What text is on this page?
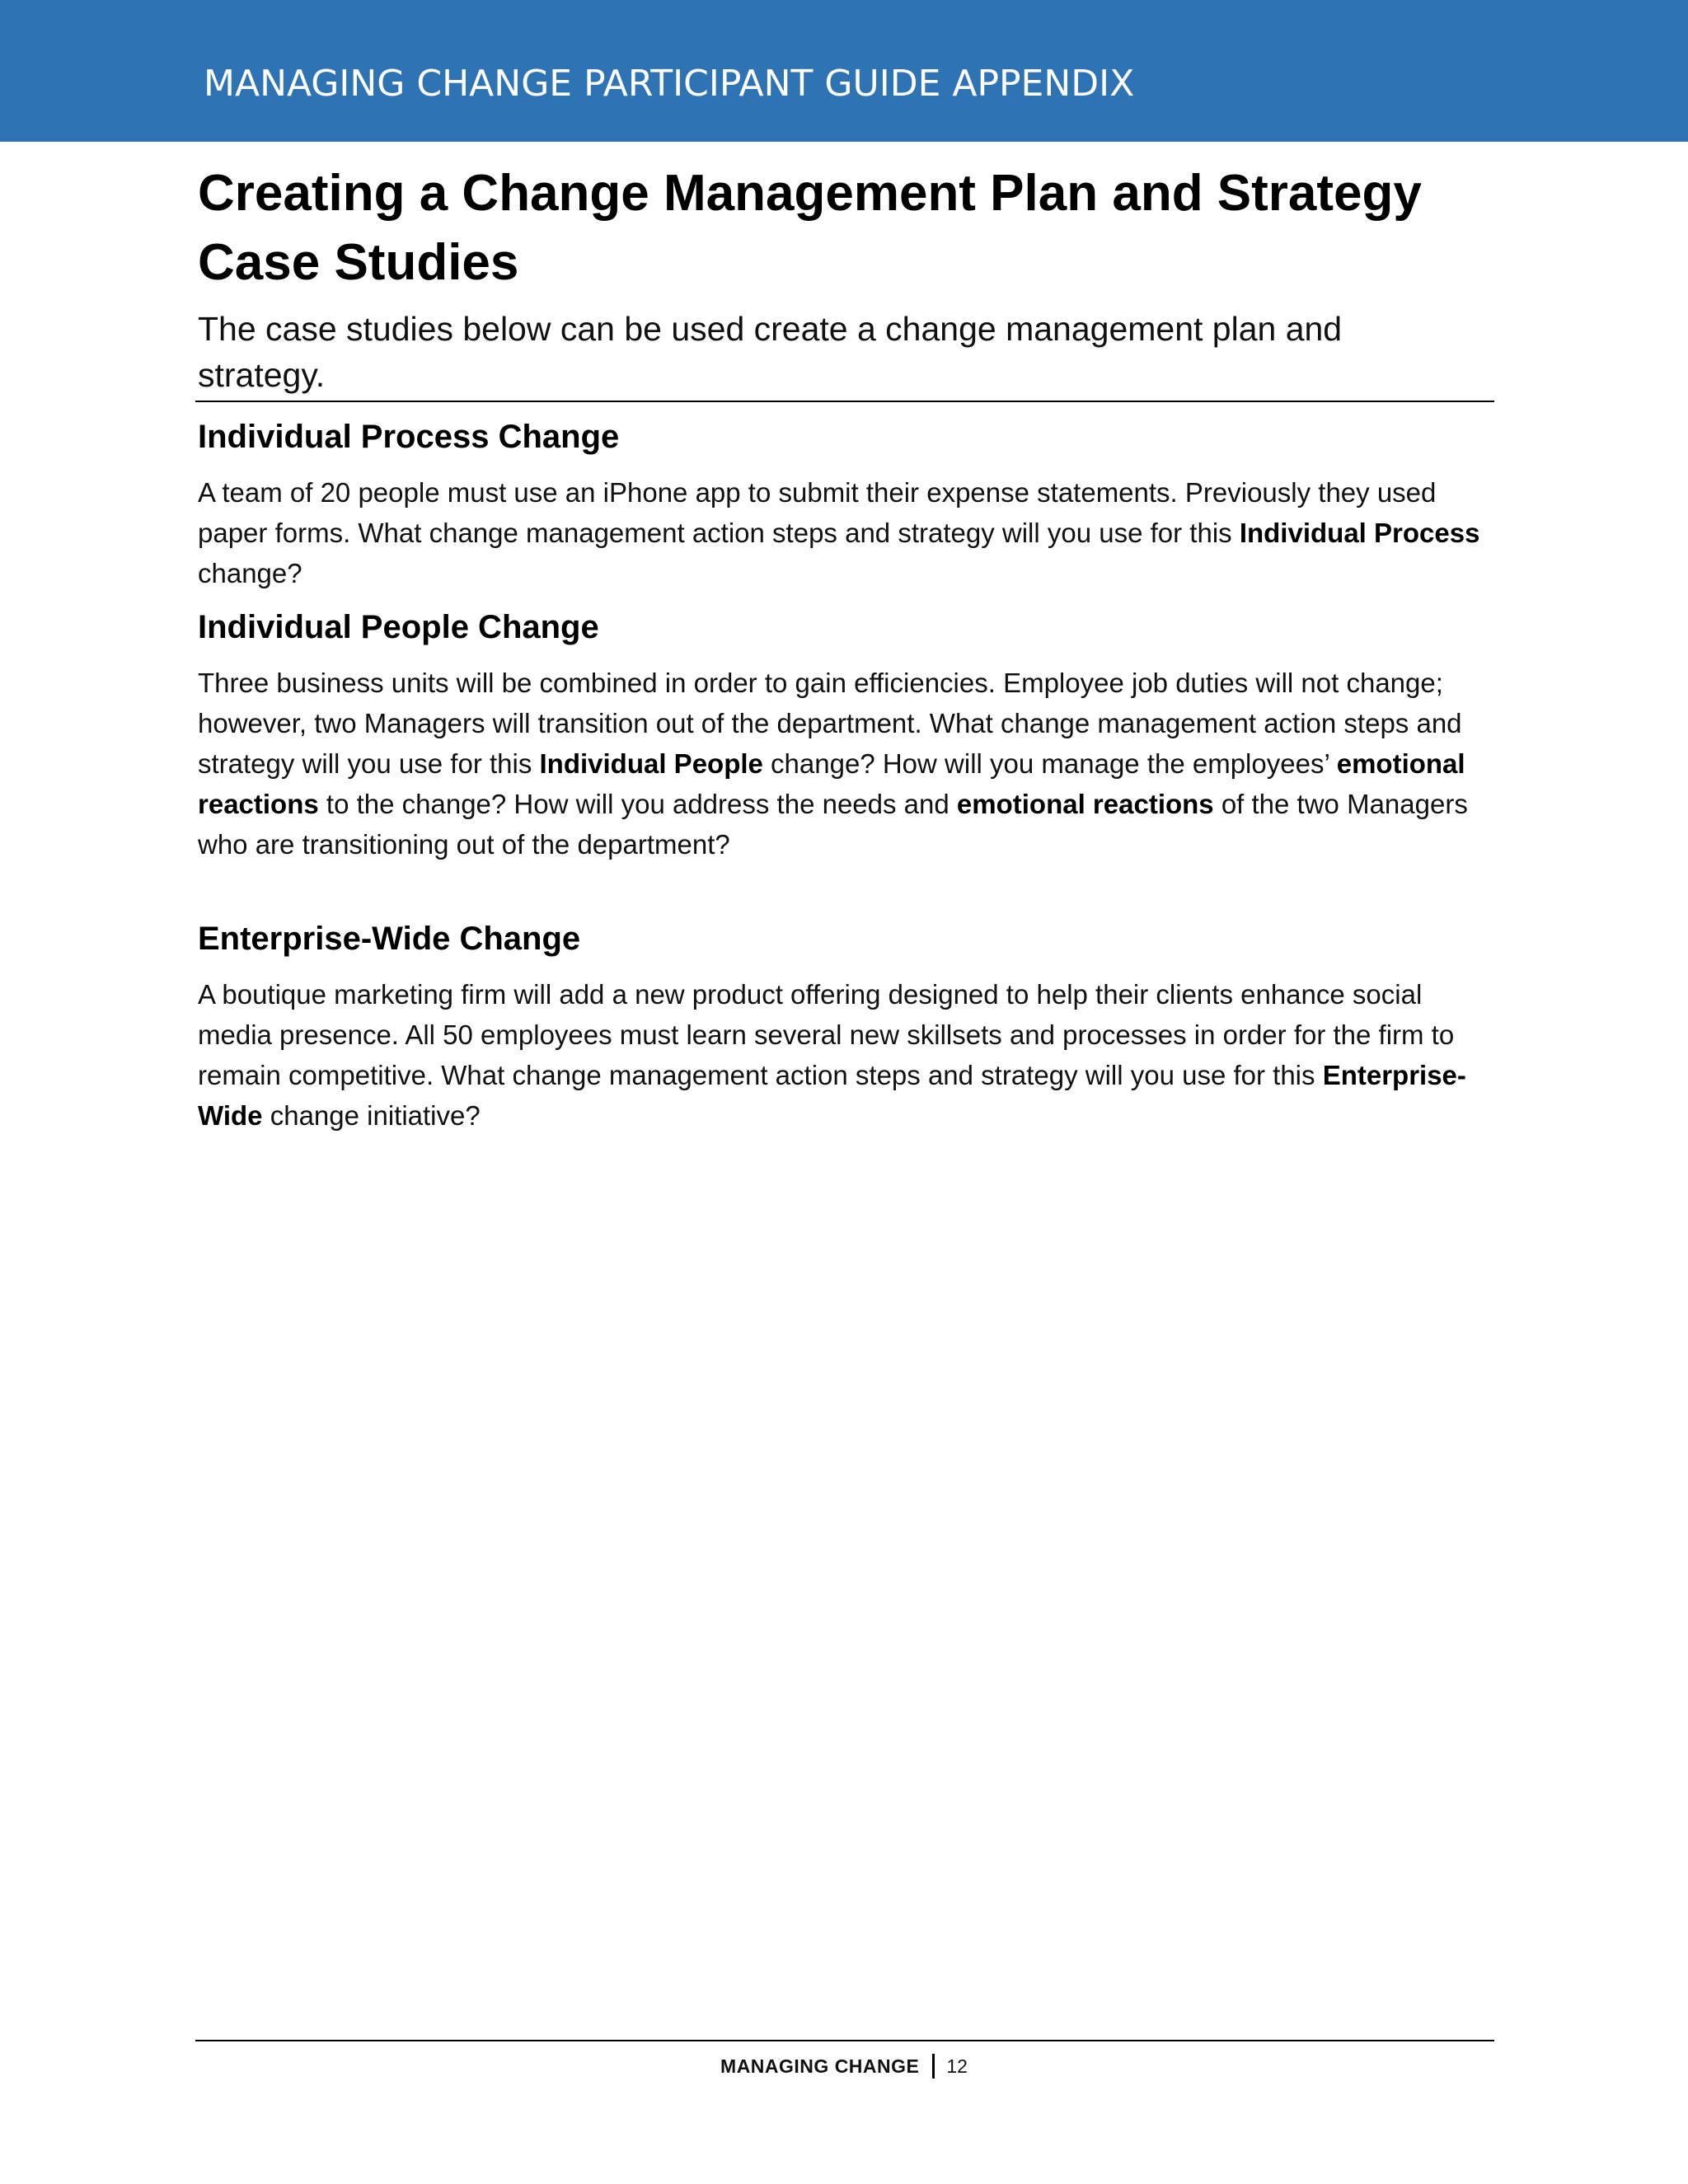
MANAGING CHANGE PARTICIPANT GUIDE APPENDIX
Creating a Change Management Plan and Strategy Case Studies

The case studies below can be used create a change management plan and strategy.

Individual Process Change

A team of 20 people must use an iPhone app to submit their expense statements. Previously they used paper forms. What change management action steps and strategy will you use for this Individual Process change?

Individual People Change

Three business units will be combined in order to gain efficiencies. Employee job duties will not change; however, two Managers will transition out of the department. What change management action steps and strategy will you use for this Individual People change? How will you manage the employees’ emotional reactions to the change? How will you address the needs and emotional reactions of the two Managers who are transitioning out of the department?

Enterprise-Wide Change

A boutique marketing firm will add a new product offering designed to help their clients enhance social media presence. All 50 employees must learn several new skillsets and processes in order for the firm to remain competitive. What change management action steps and strategy will you use for this Enterprise-Wide change initiative?

MANAGING CHANGE 12
